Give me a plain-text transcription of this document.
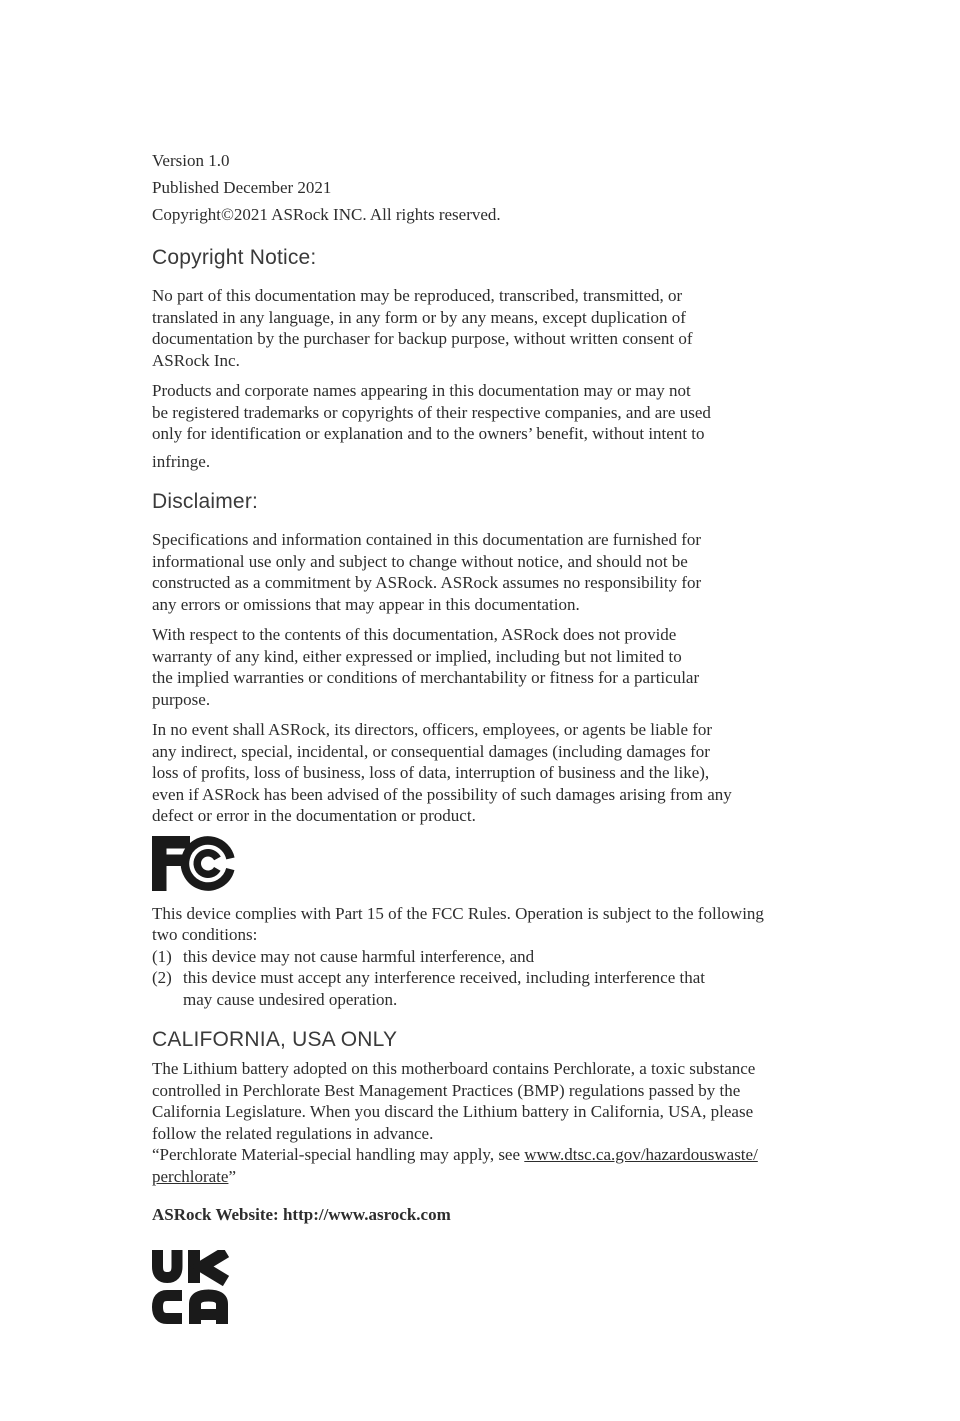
Version 1.0
Published December 2021
Copyright©2021 ASRock INC. All rights reserved.
Copyright Notice:

No part of this documentation may be reproduced, transcribed, transmitted, or
translated in any language, in any form or by any means, except duplication of
documentation by the purchaser for backup purpose, without written consent of
ASRock Inc.

Products and corporate names appearing in this documentation may or may not
be registered trademarks or copyrights of their respective companies, and are used
only for identification or explanation and to the owners’ benefit, without intent to

infringe.

Disclaimer:

Specifications and information contained in this documentation are furnished for
informational use only and subject to change without notice, and should not be
constructed as a commitment by ASRock. ASRock assumes no responsibility for
any errors or omissions that may appear in this documentation.

With respect to the contents of this documentation, ASRock does not provide
warranty of any kind, either expressed or implied, including but not limited to
the implied warranties or conditions of merchantability or fitness for a particular
purpose.

In no event shall ASRock, its directors, officers, employees, or agents be liable for
any indirect, special, incidental, or consequential damages (including damages for
loss of profits, loss of business, loss of data, interruption of business and the like),
even if ASRock has been advised of the possibility of such damages arising from any
defect or error in the documentation or product.

This device complies with Part 15 of the FCC Rules. Operation is subject to the following
two conditions:

(1) this device may not cause harmful interference, and
(2) this device must accept any interference received, including interference that
may cause undesired operation.
CALIFORNIA, USA ONLY

The Lithium battery adopted on this motherboard contains Perchlorate, a toxic substance
controlled in Perchlorate Best Management Practices (BMP) regulations passed by the
California Legislature. When you discard the Lithium battery in California, USA, please
follow the related regulations in advance.

“Perchlorate Material-special handling may apply, see www.dtsc.ca.gov/hazardouswaste/
perchlorate”

ASRock Website: http://www.asrock.com
